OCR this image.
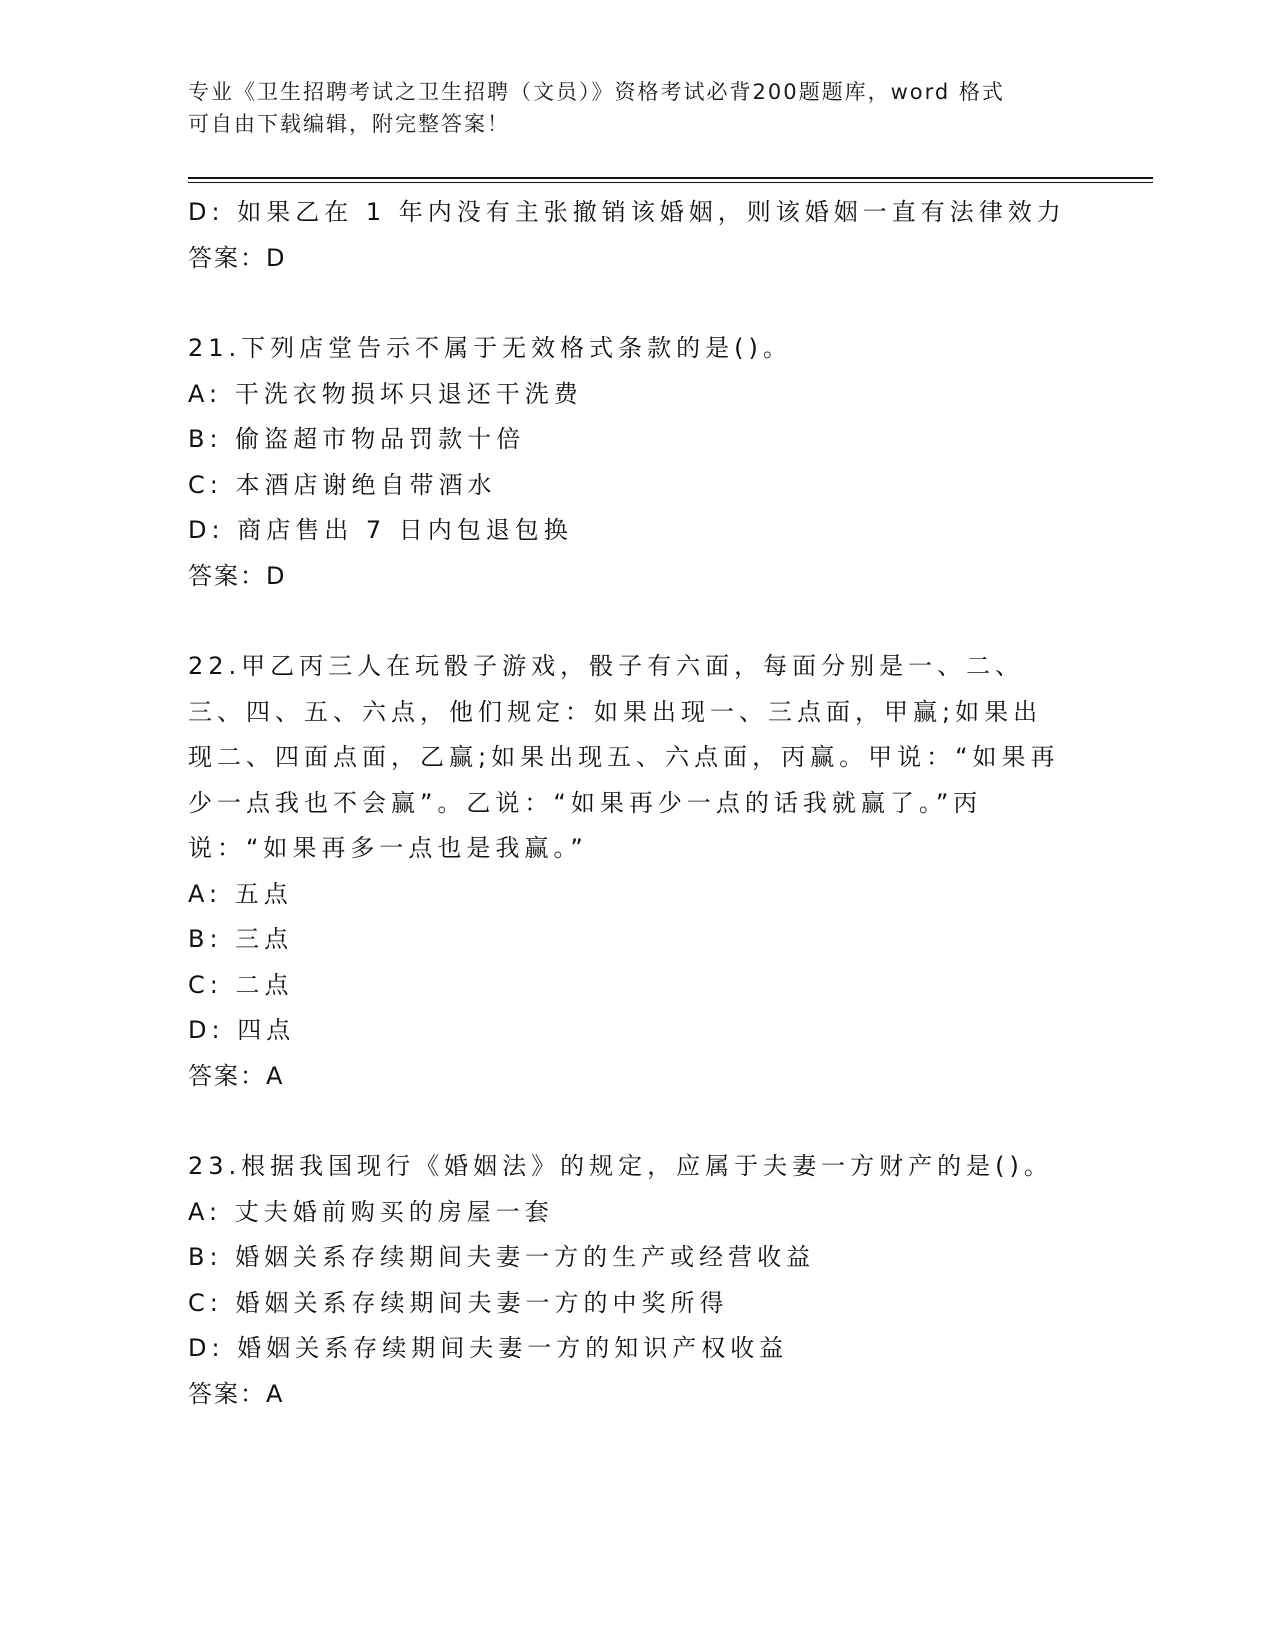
专业《卫生招聘考试之卫生招聘（文员）》资格考试必背200题题库，word 格式
可自由下载编辑，附完整答案！
D: 如果乙在 1 年内没有主张撤销该婚姻，则该婚姻一直有法律效力
答案：D
21.下列店堂告示不属于无效格式条款的是()。
A: 干洗衣物损坏只退还干洗费
B: 偷盗超市物品罚款十倍
C: 本酒店谢绝自带酒水
D: 商店售出 7 日内包退包换
答案：D
22.甲乙丙三人在玩骰子游戏，骰子有六面，每面分别是一、二、三、四、五、六点，他们规定：如果出现一、三点面，甲赢;如果出现二、四面点面，乙赢;如果出现五、六点面，丙赢。甲说：“如果再少一点我也不会赢”。乙说：“如果再少一点的话我就赢了。”丙说：“如果再多一点也是我赢。”
A: 五点
B: 三点
C: 二点
D: 四点
答案：A
23.根据我国现行《婚姻法》的规定，应属于夫妻一方财产的是()。
A: 丈夫婚前购买的房屋一套
B: 婚姻关系存续期间夫妻一方的生产或经营收益
C: 婚姻关系存续期间夫妻一方的中奖所得
D: 婚姻关系存续期间夫妻一方的知识产权收益
答案：A
